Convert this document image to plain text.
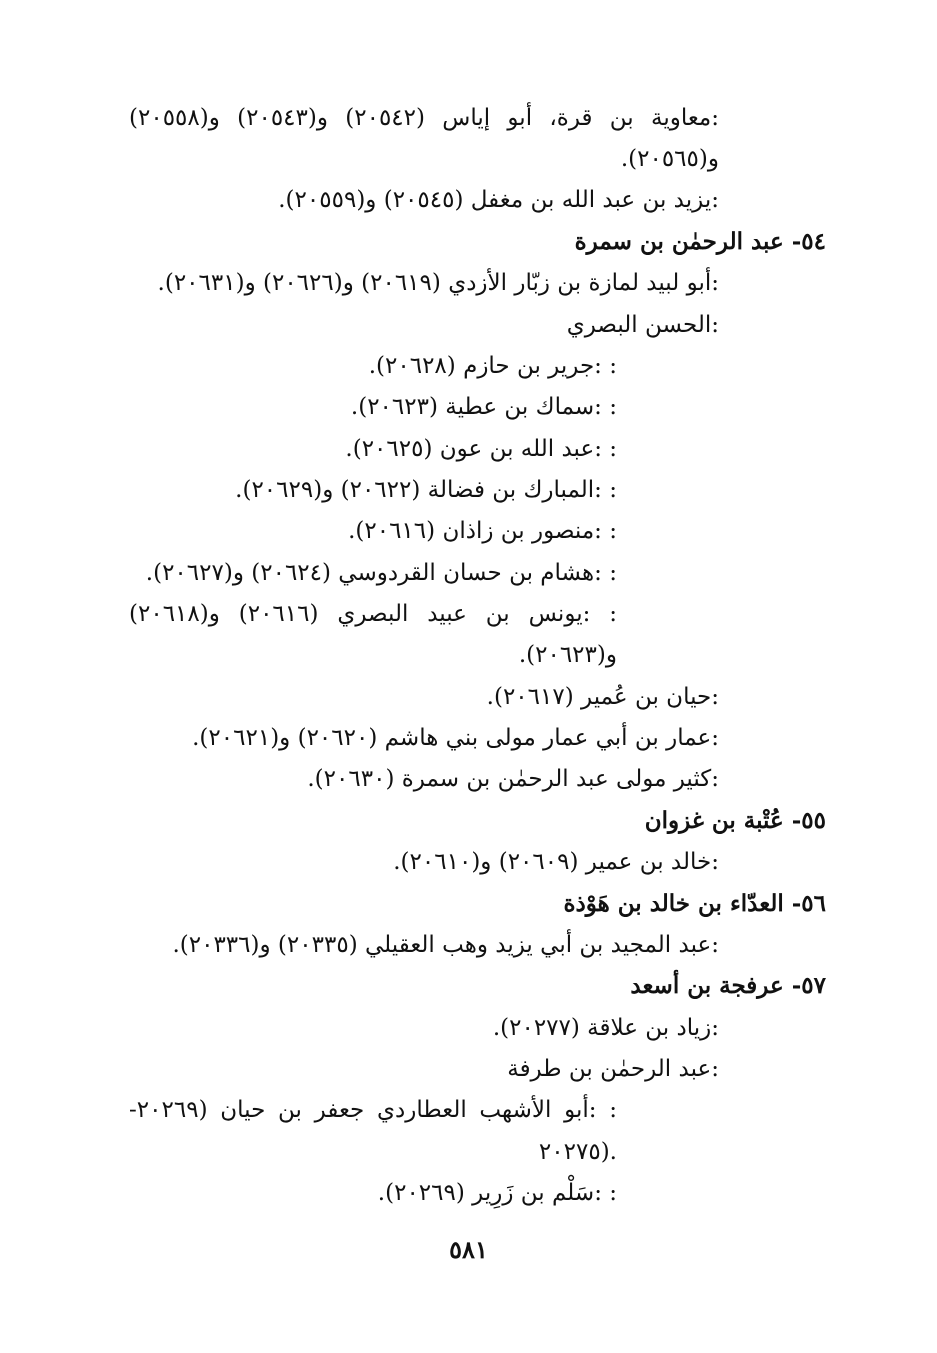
:معاوية بن قرة، أبو إياس (٢٠٥٤٢) و(٢٠٥٤٣) و(٢٠٥٥٨)
و(٢٠٥٦٥).
:يزيد بن عبد الله بن مغفل (٢٠٥٤٥) و(٢٠٥٥٩).
٥٤- عبد الرحمٰن بن سمرة
:أبو لبيد لمازة بن زبّار الأزدي (٢٠٦١٩) و(٢٠٦٢٦) و(٢٠٦٣١).
:الحسن البصري
: :جرير بن حازم (٢٠٦٢٨).
: :سماك بن عطية (٢٠٦٢٣).
: :عبد الله بن عون (٢٠٦٢٥).
: :المبارك بن فضالة (٢٠٦٢٢) و(٢٠٦٢٩).
: :منصور بن زاذان (٢٠٦١٦).
: :هشام بن حسان القردوسي (٢٠٦٢٤) و(٢٠٦٢٧).
: :يونس بن عبيد البصري (٢٠٦١٦) و(٢٠٦١٨)
و(٢٠٦٢٣).
:حيان بن عُمير (٢٠٦١٧).
:عمار بن أبي عمار مولى بني هاشم (٢٠٦٢٠) و(٢٠٦٢١).
:كثير مولى عبد الرحمٰن بن سمرة (٢٠٦٣٠).
٥٥- عُتْبة بن غزوان
:خالد بن عمير (٢٠٦٠٩) و(٢٠٦١٠).
٥٦- العدّاء بن خالد بن هَوْذة
:عبد المجيد بن أبي يزيد وهب العقيلي (٢٠٣٣٥) و(٢٠٣٣٦).
٥٧- عرفجة بن أسعد
:زياد بن علاقة (٢٠٢٧٧).
:عبد الرحمٰن بن طرفة
: :أبو الأشهب العطاردي جعفر بن حيان (٢٠٢٦٩-
٢٠٢٧٥).
: :سَلْم بن زَرِير (٢٠٢٦٩).
٥٨١
